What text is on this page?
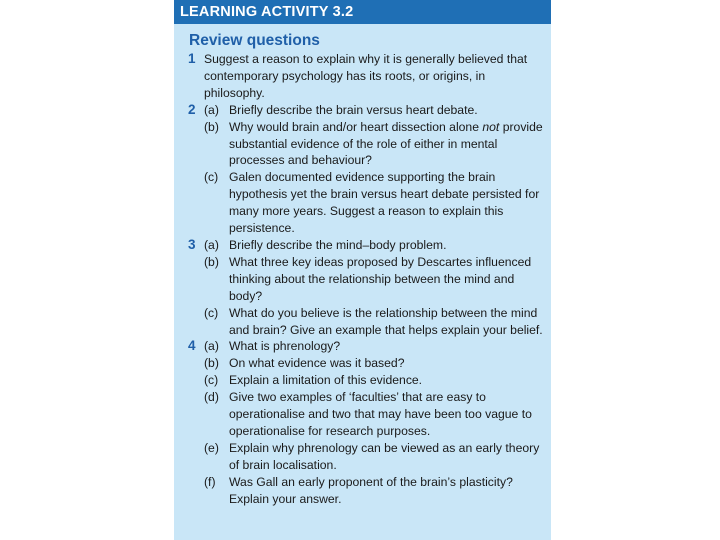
LEARNING ACTIVITY 3.2
Review questions
1 Suggest a reason to explain why it is generally believed that contemporary psychology has its roots, or origins, in philosophy.
2 (a) Briefly describe the brain versus heart debate.
(b) Why would brain and/or heart dissection alone not provide substantial evidence of the role of either in mental processes and behaviour?
(c) Galen documented evidence supporting the brain hypothesis yet the brain versus heart debate persisted for many more years. Suggest a reason to explain this persistence.
3 (a) Briefly describe the mind–body problem.
(b) What three key ideas proposed by Descartes influenced thinking about the relationship between the mind and body?
(c) What do you believe is the relationship between the mind and brain? Give an example that helps explain your belief.
4 (a) What is phrenology?
(b) On what evidence was it based?
(c) Explain a limitation of this evidence.
(d) Give two examples of ‘faculties’ that are easy to operationalise and two that may have been too vague to operationalise for research purposes.
(e) Explain why phrenology can be viewed as an early theory of brain localisation.
(f) Was Gall an early proponent of the brain’s plasticity? Explain your answer.
